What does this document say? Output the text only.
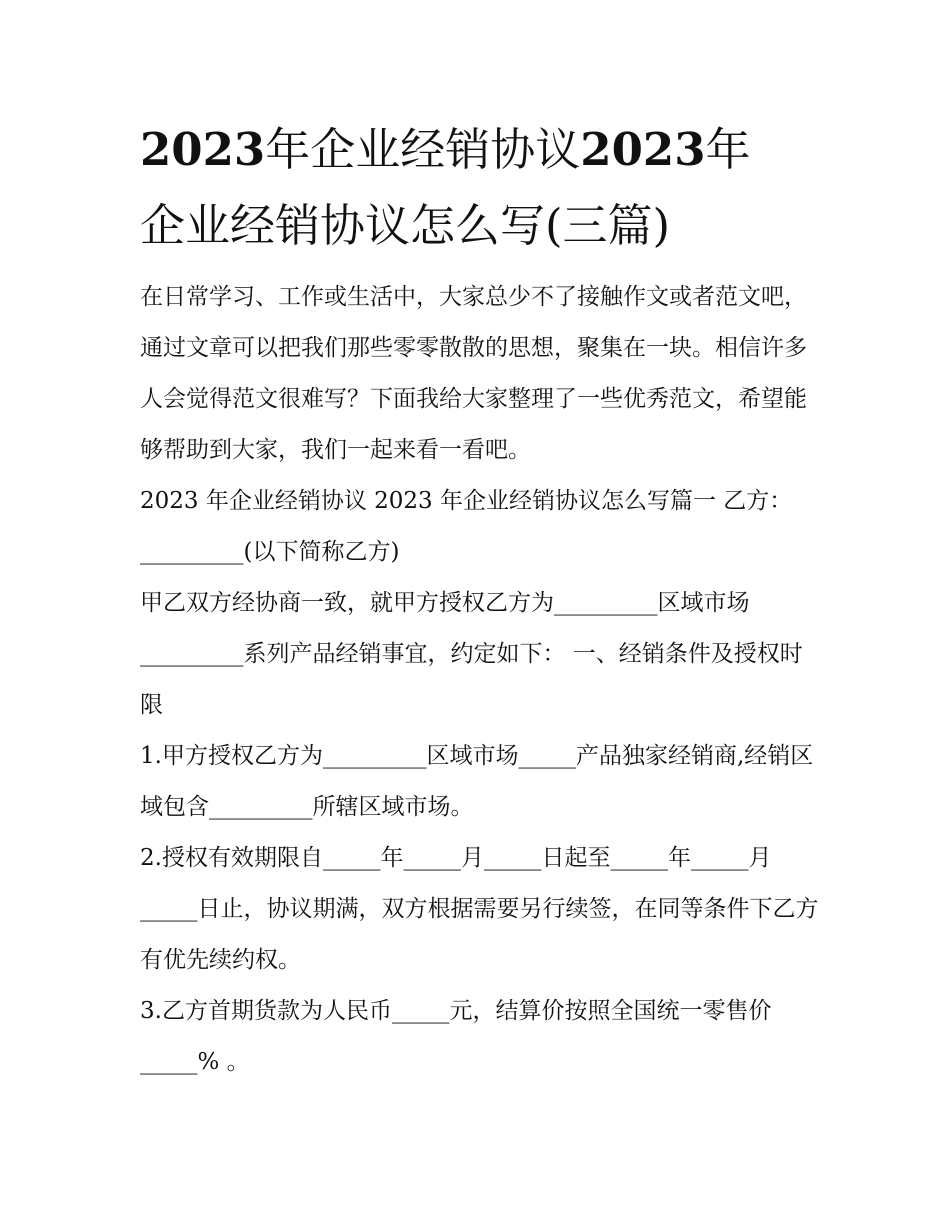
2023年企业经销协议2023年
企业经销协议怎么写(三篇)

在日常学习、工作或生活中，大家总少不了接触作文或者范文吧，通过文章可以把我们那些零零散散的思想，聚集在一块。相信许多人会觉得范文很难写？下面我给大家整理了一些优秀范文，希望能够帮助到大家，我们一起来看一看吧。

2023 年企业经销协议 2023 年企业经销协议怎么写篇一 乙方：_________(以下简称乙方)

甲乙双方经协商一致，就甲方授权乙方为_________区域市场_________系列产品经销事宜，约定如下： 一、经销条件及授权时限

1.甲方授权乙方为_________区域市场_____产品独家经销商,经销区域包含_________所辖区域市场。

2.授权有效期限自_____年_____月_____日起至_____年_____月_____日止，协议期满，双方根据需要另行续签，在同等条件下乙方有优先续约权。

3.乙方首期货款为人民币_____元，结算价按照全国统一零售价_____% 。
